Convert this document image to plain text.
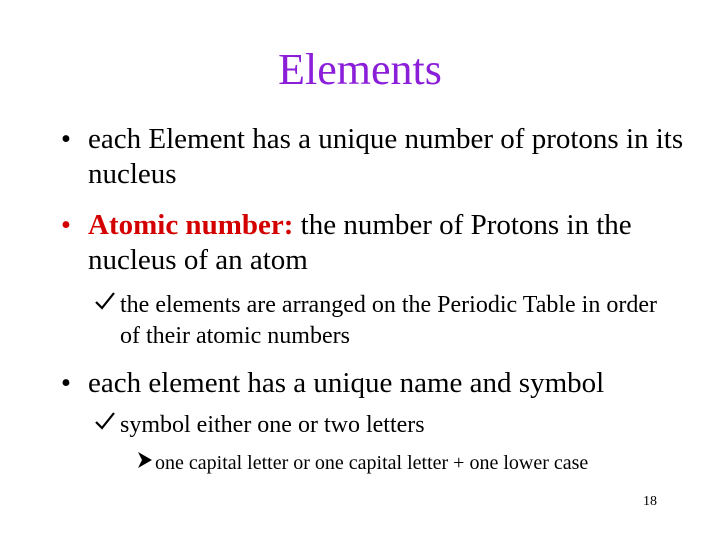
Elements
• each Element has a unique number of protons in its nucleus
• Atomic number: the number of Protons in the nucleus of an atom
the elements are arranged on the Periodic Table in order of their atomic numbers
• each element has a unique name and symbol
symbol either one or two letters
one capital letter or one capital letter + one lower case
18
